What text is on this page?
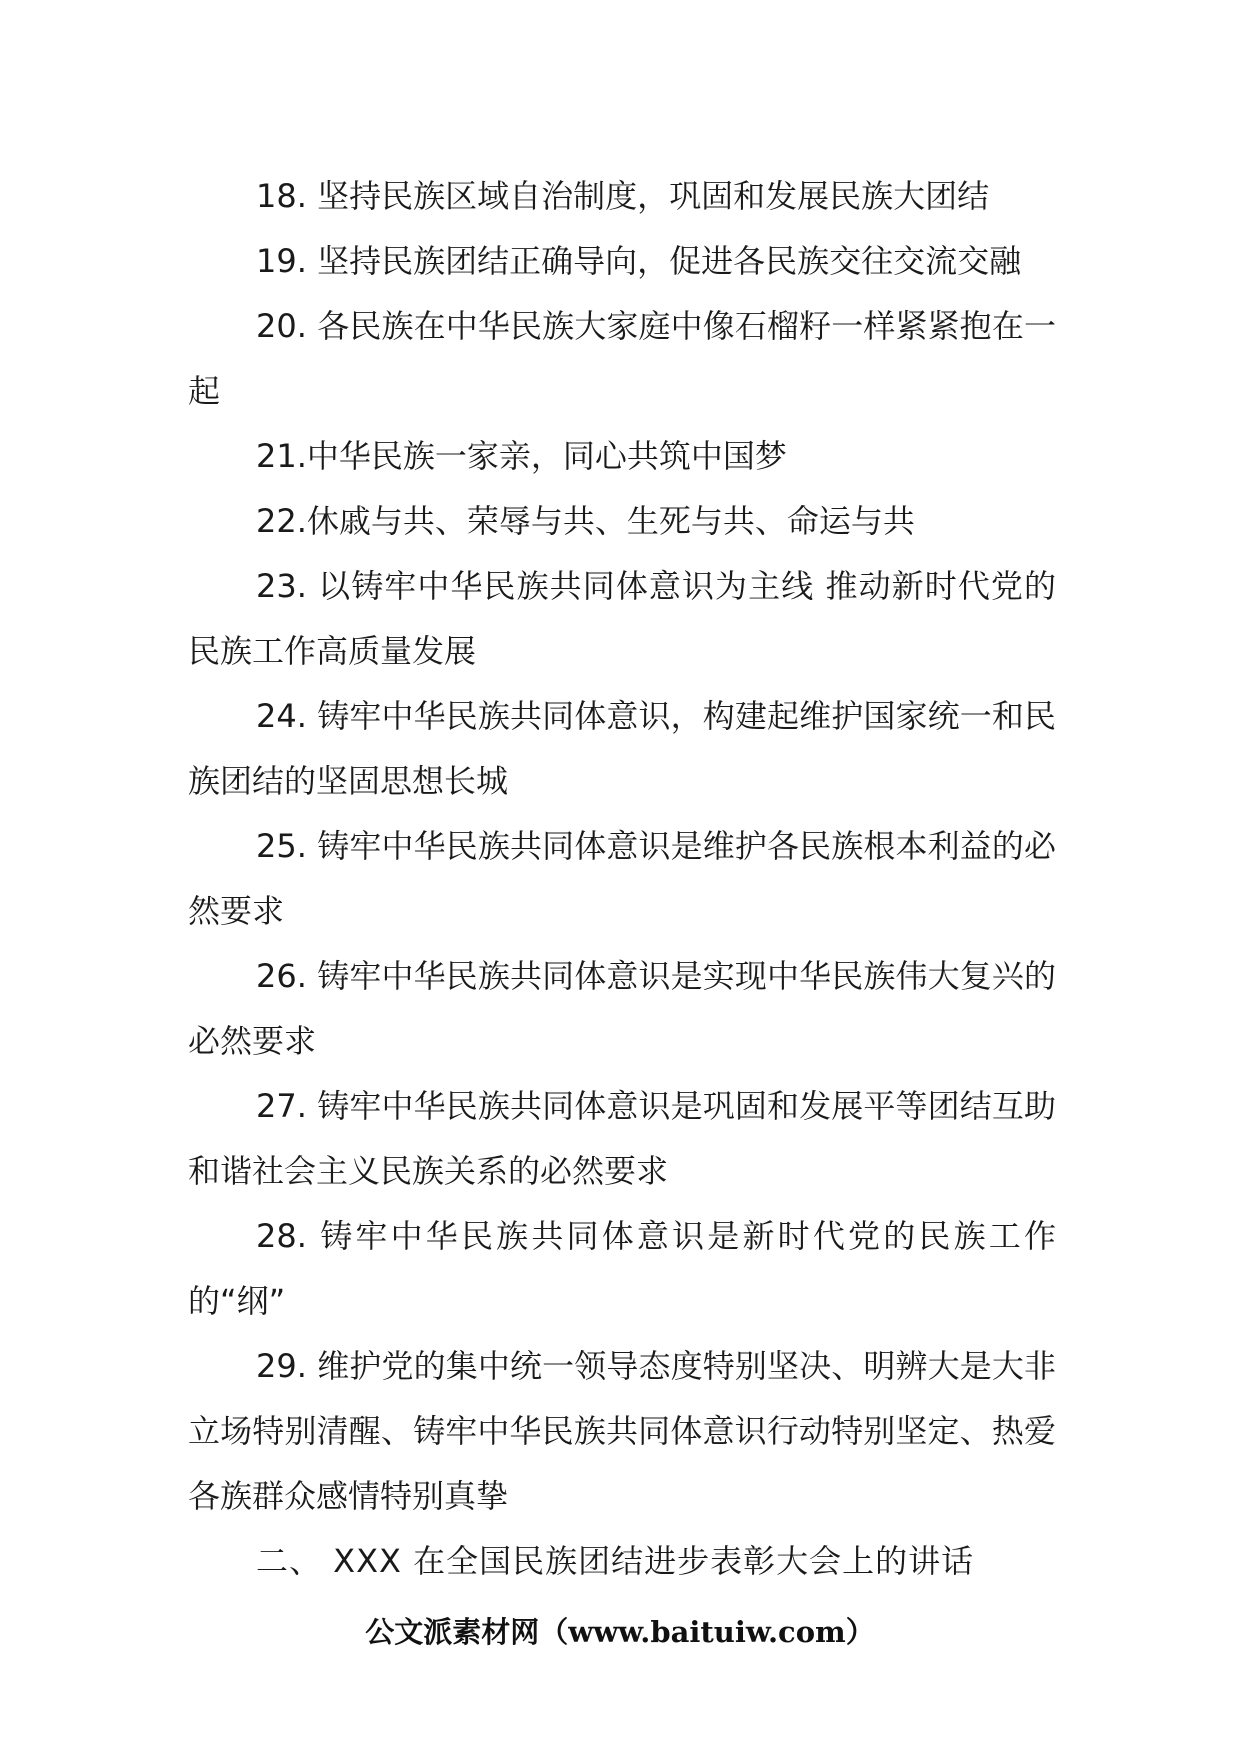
18. 坚持民族区域自治制度，巩固和发展民族大团结

19. 坚持民族团结正确导向，促进各民族交往交流交融

20. 各民族在中华民族大家庭中像石榴籽一样紧紧抱在一起

21.中华民族一家亲，同心共筑中国梦

22.休戚与共、荣辱与共、生死与共、命运与共

23. 以铸牢中华民族共同体意识为主线 推动新时代党的民族工作高质量发展

24. 铸牢中华民族共同体意识，构建起维护国家统一和民族团结的坚固思想长城

25. 铸牢中华民族共同体意识是维护各民族根本利益的必然要求

26. 铸牢中华民族共同体意识是实现中华民族伟大复兴的必然要求

27. 铸牢中华民族共同体意识是巩固和发展平等团结互助和谐社会主义民族关系的必然要求

28. 铸牢中华民族共同体意识是新时代党的民族工作的“纲”

29. 维护党的集中统一领导态度特别坚决、明辨大是大非立场特别清醒、铸牢中华民族共同体意识行动特别坚定、热爱各族群众感情特别真挚

二、 XXX 在全国民族团结进步表彰大会上的讲话

公文派素材网（www.baituiw.com）
